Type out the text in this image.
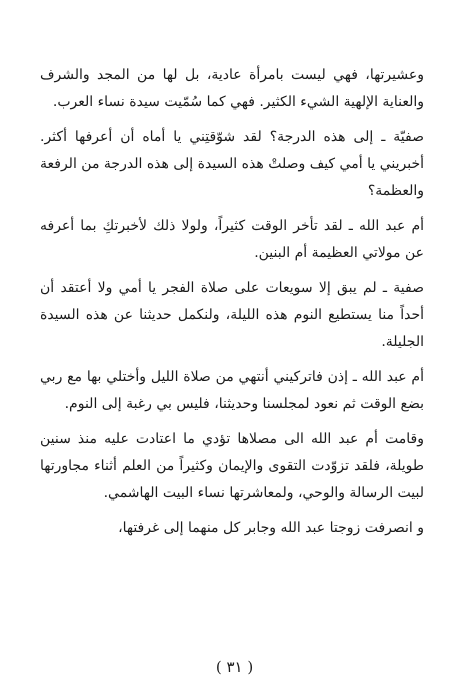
وعشيرتها، فهي ليست بامرأة عادية، بل لها من المجد والشرف والعناية الإلهية الشيء الكثير. فهي كما سُمّيت سيدة نساء العرب.

صفيّة ـ إلى هذه الدرجة؟ لقد شوّقتِني يا أماه أن أعرفها أكثر. أخبريني يا أمي كيف وصلتْ هذه السيدة إلى هذه الدرجة من الرفعة والعظمة؟

أم عبد الله ـ لقد تأخر الوقت كثيراً، ولولا ذلك لأخبرتكِ بما أعرفه عن مولاتي العظيمة أم البنين.

صفية ـ لم يبق إلا سويعات على صلاة الفجر يا أمي ولا أعتقد أن أحداً منا يستطيع النوم هذه الليلة، ولنكمل حديثنا عن هذه السيدة الجليلة.

أم عبد الله ـ إذن فاتركيني أنتهي من صلاة الليل وأختلي بها مع ربي بضع الوقت ثم نعود لمجلسنا وحديثنا، فليس بي رغبة إلى النوم.

وقامت أم عبد الله الى مصلاها تؤدي ما اعتادت عليه منذ سنين طويلة، فلقد تزوّدت التقوى والإيمان وكثيراً من العلم أثناء مجاورتها لبيت الرسالة والوحي، ولمعاشرتها نساء البيت الهاشمي.

و انصرفت زوجتا عبد الله وجابر كل منهما إلى غرفتها،

( ٣١ )
